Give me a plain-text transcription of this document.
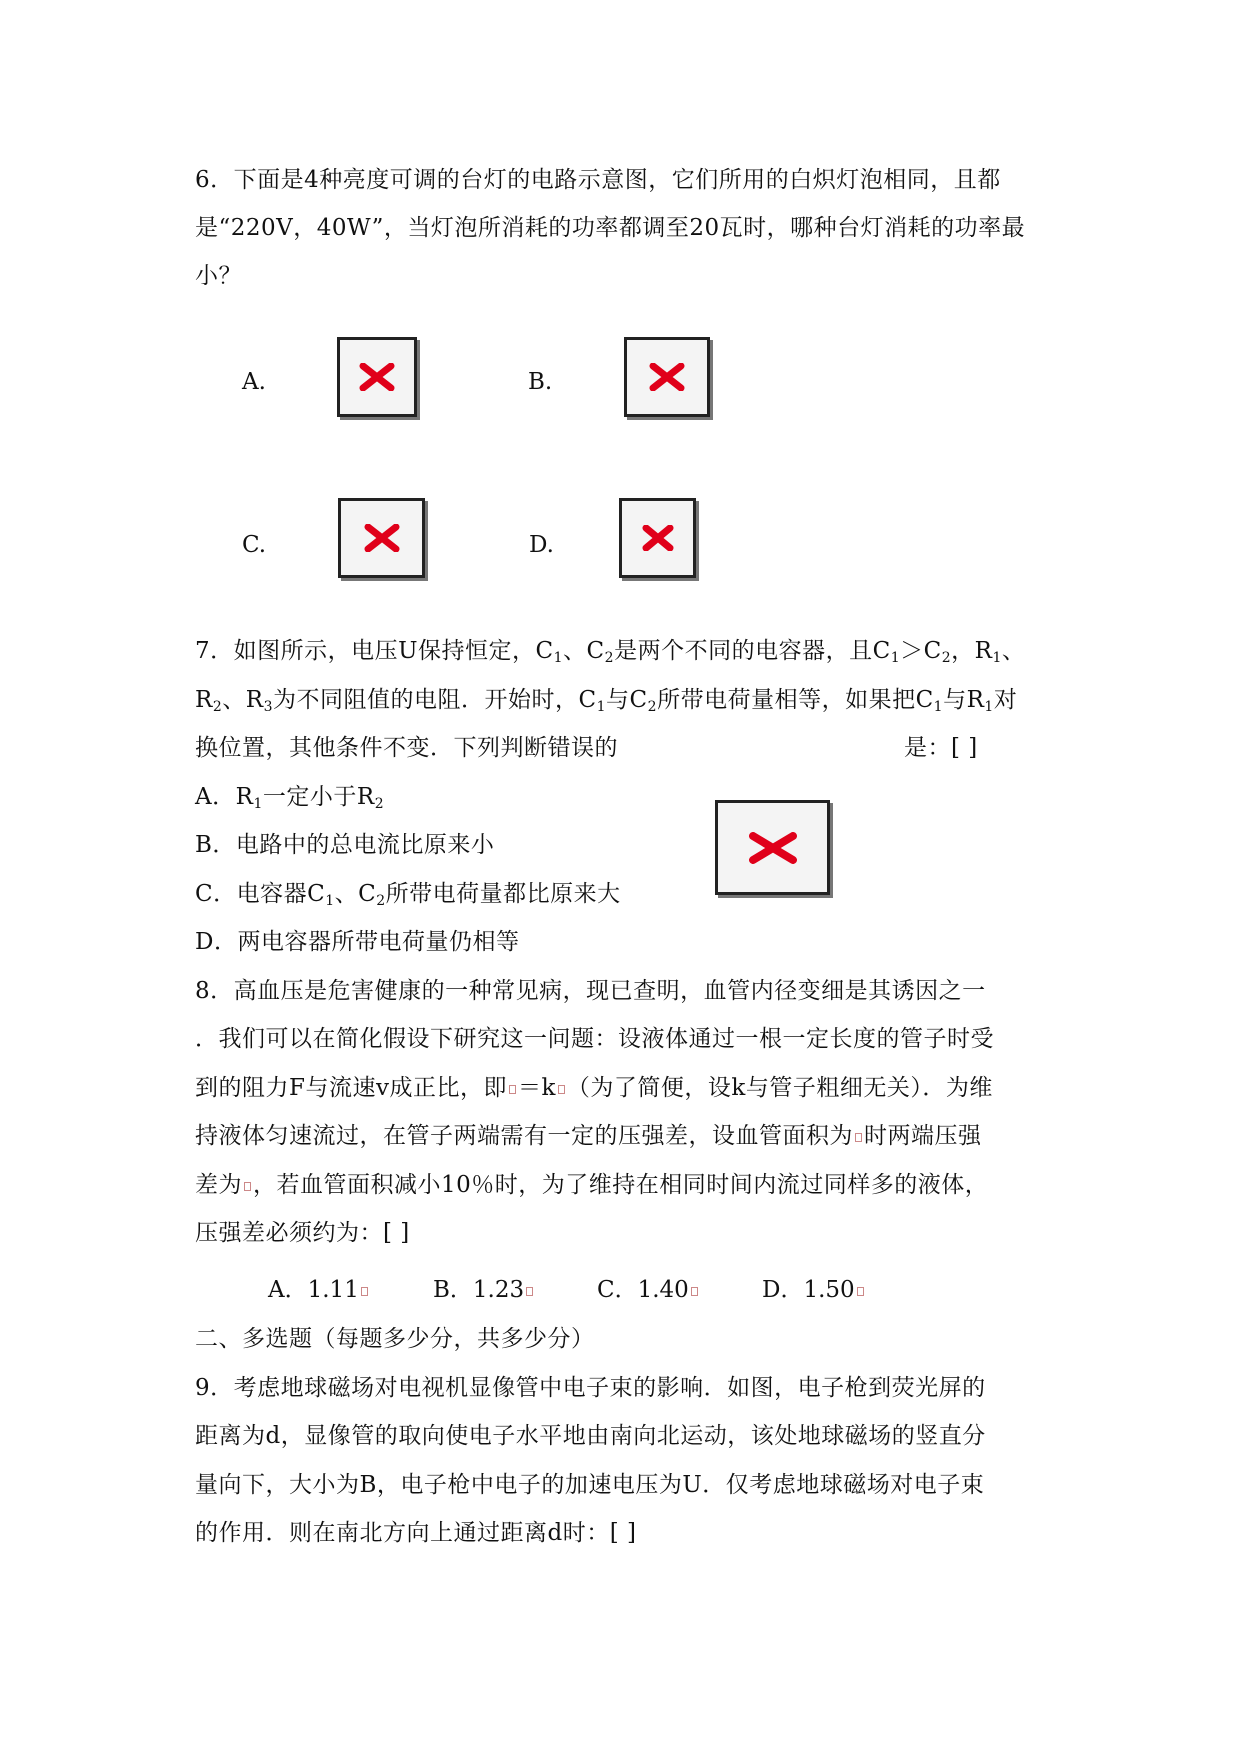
6．下面是4种亮度可调的台灯的电路示意图，它们所用的白炽灯泡相同，且都
是“220V，40W”，当灯泡所消耗的功率都调至20瓦时，哪种台灯消耗的功率最
小？
A.	B.
C.	D.
7．如图所示，电压U保持恒定，$C_1$、$C_2$是两个不同的电容器，且$C_1>C_2$，$R_1$、
$R_2$、$R_3$为不同阻值的电阻．开始时，$C_1$与$C_2$所带电荷量相等，如果把$C_1$与$R_1$对
换位置，其他条件不变．下列判断错误的	是：[ ]
A．$R_1$一定小于$R_2$
B．电路中的总电流比原来小
C．电容器$C_1$、$C_2$所带电荷量都比原来大
D．两电容器所带电荷量仍相等
8．高血压是危害健康的一种常见病，现已查明，血管内径变细是其诱因之一
．我们可以在简化假设下研究这一问题：设液体通过一根一定长度的管子时受
到的阻力F与流速v成正比，即 ＝k （为了简便，设k与管子粗细无关）．为维
持液体匀速流过，在管子两端需有一定的压强差，设血管面积为 时两端压强
差为 ，若血管面积减小10％时，为了维持在相同时间内流过同样多的液体，
压强差必须约为：[ ]
A．1.11	B．1.23	C．1.40	D．1.50
二、多选题（每题多少分，共多少分）
9．考虑地球磁场对电视机显像管中电子束的影响．如图，电子枪到荧光屏的
距离为d，显像管的取向使电子水平地由南向北运动，该处地球磁场的竖直分
量向下，大小为B，电子枪中电子的加速电压为U．仅考虑地球磁场对电子束
的作用．则在南北方向上通过距离d时：[ ]
